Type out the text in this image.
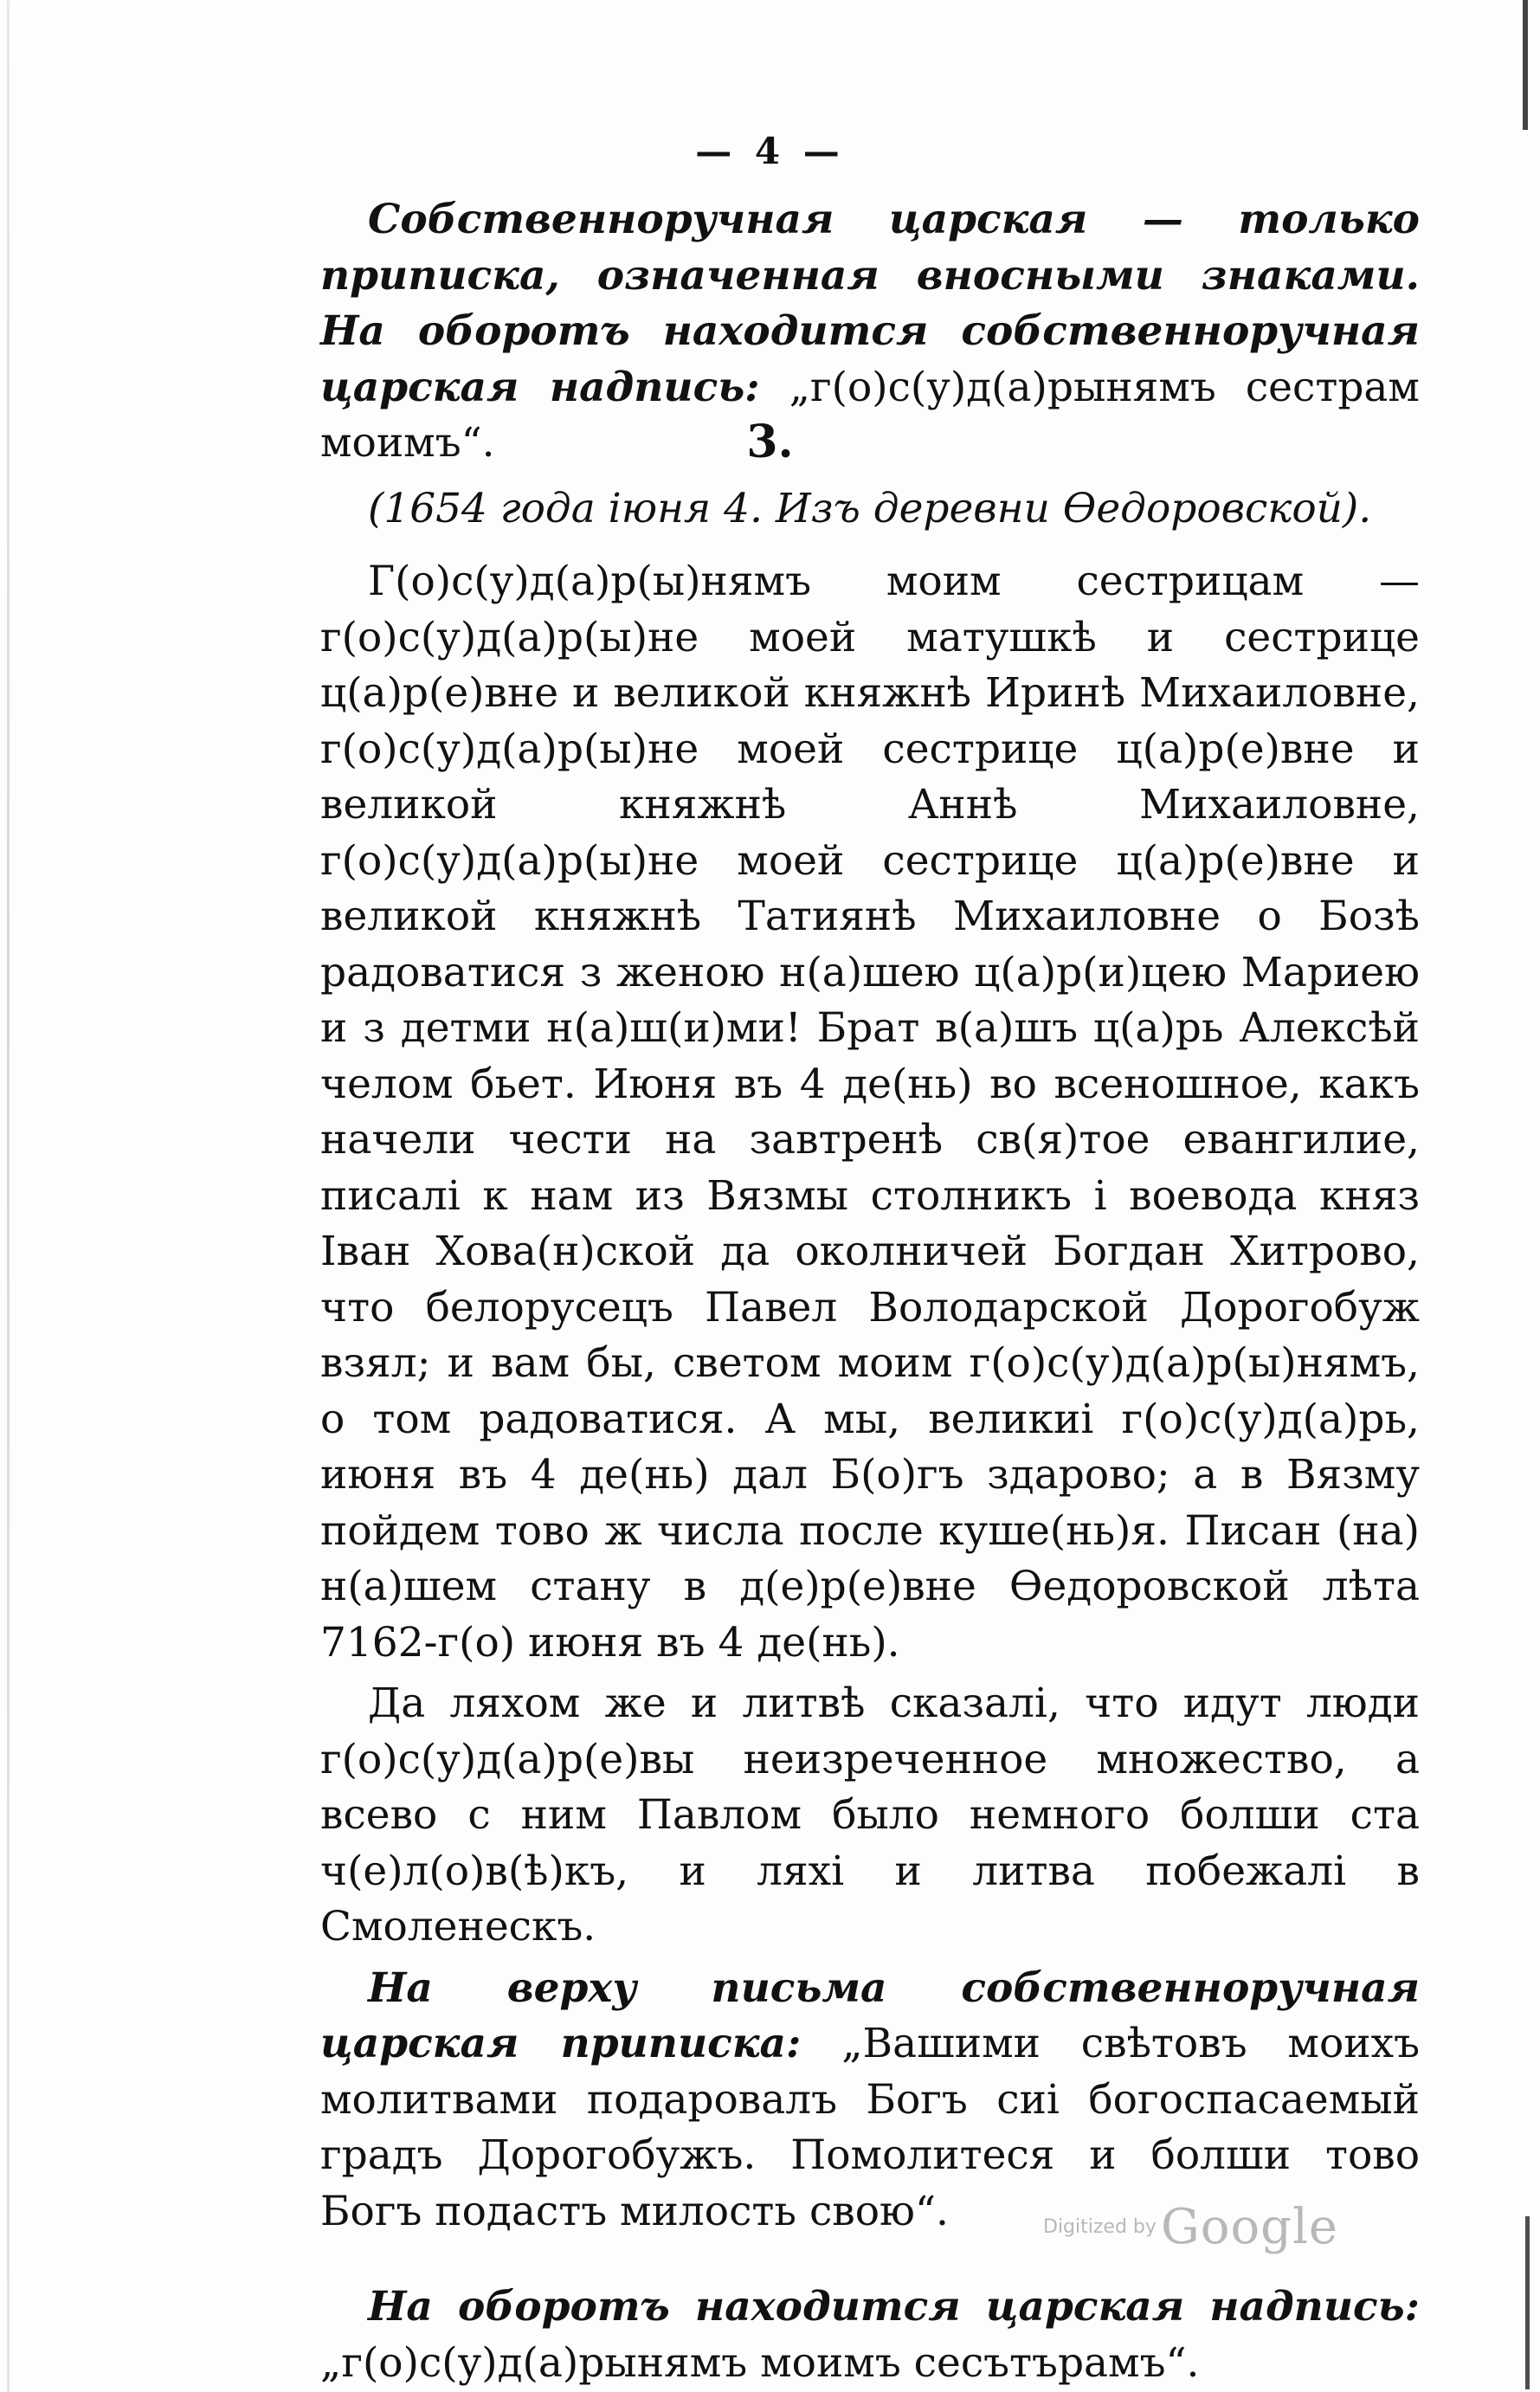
— 4 —

Собственноручная царская — только приписка, означенная вносными знаками. На оборотъ находится собственноручная царская надпись: „г(о)с(у)д(а)рынямъ сестрам моимъ“.	3.
(1654 года iюня 4. Изъ деревни Өедоровской).

Г(о)с(у)д(а)р(ы)нямъ моим сестрицам — г(о)с(у)д(а)р(ы)не моей матушкѣ и сестрице ц(а)р(е)вне и великой княжнѣ Иринѣ Михаиловне, г(о)с(у)д(а)р(ы)не моей сестрице ц(а)р(е)вне и великой княжнѣ Аннѣ Михаиловне, г(о)с(у)д(а)р(ы)не моей сестрице ц(а)р(е)вне и великой княжнѣ Татиянѣ Михаиловне о Бозѣ радоватися з женою н(а)шею ц(а)р(и)цею Мариею и з детми н(а)ш(и)ми! Брат в(а)шъ ц(а)рь Алексѣй челом бьет. Июня въ 4 де(нь) во всеношное, какъ начели чести на завтренѣ св(я)тое евангилие, писалi к нам из Вязмы столникъ i воевода княз Iван Хова(н)ской да околничей Богдан Хитрово, что белорусецъ Павел Володарской Дорогобуж взял; и вам бы, светом моим г(о)с(у)д(а)р(ы)нямъ, о том радоватися. А мы, великиi г(о)с(у)д(а)рь, июня въ 4 де(нь) дал Б(о)гъ здарово; а в Вязму пойдем тово ж числа после куше(нь)я. Писан (на) н(а)шем стану в д(е)р(е)вне Өедоровской лѣта 7162-г(о) июня въ 4 де(нь).

Да ляхом же и литвѣ сказалi, что идут люди г(о)с(у)д(а)р(е)вы неизреченное множество, а всево с ним Павлом было немного болши ста ч(е)л(о)в(ѣ)къ, и ляхi и литва побежалi в Смоленескъ.

На верху письма собственноручная царская приписка: „Вашими свѣтовъ моихъ молитвами подаровалъ Богъ сиi богоспасаемый градъ Дорогобужъ. Помолитеся и болши тово Богъ подастъ милость свою“.

На оборотъ находится царская надпись: „г(о)с(у)д(а)рынямъ моимъ сесътърамъ“.

Digitized by Google
